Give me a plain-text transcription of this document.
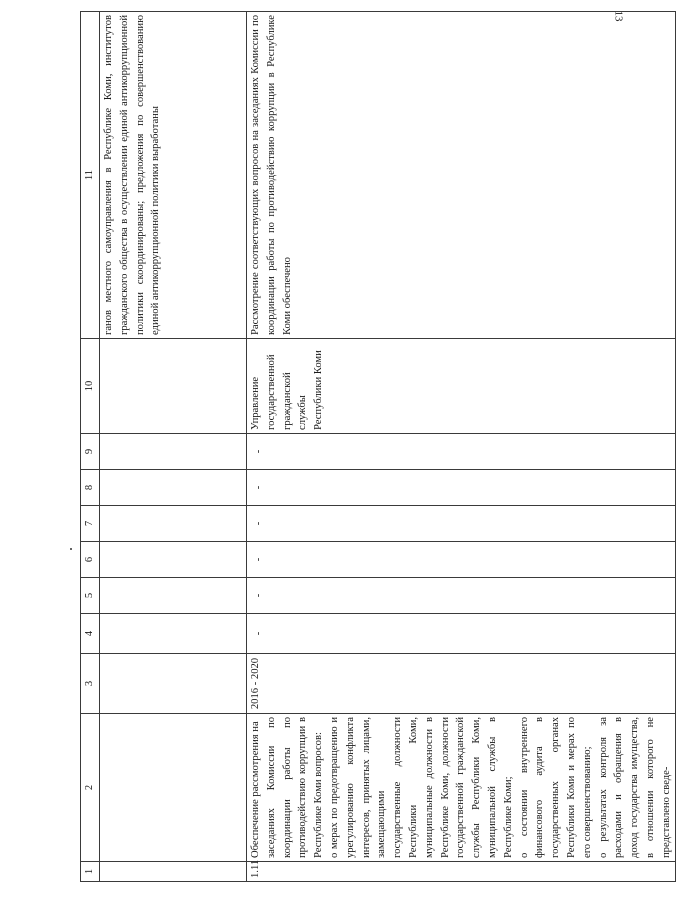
13
1	2	3	4	5	6	7	8	9	10	11
										ганов местного самоуправления в Республике Коми, институтов гражданского общества в осуществлении единой антикоррупционной политики скоординированы; предложения по совершенствованию единой антикоррупционной политики выработаны
1.11	Обеспечение рассмотрения на заседаниях Комиссии по координации работы по противодействию коррупции в Республике Коми вопросов: о мерах по предотвращению и урегулированию конфликта интересов, принятых лицами, замещающими государственные должности Республики Коми, муниципальные должности в Республике Коми, должности государственной гражданской службы Республики Коми, муниципальной службы в Республике Коми; о состоянии внутреннего финансового аудита в государственных органах Республики Коми и мерах по его совершенствованию; о результатах контроля за расходами и обращения в доход государства имущества, в отношении которого не представлено сведе-	2016 - 2020	-	-	-	-	-	-	Управление государственной гражданской службы Республики Коми	Рассмотрение соответствующих вопросов на заседаниях Комиссии по координации работы по противодействию коррупции в Республике Коми обеспечено
